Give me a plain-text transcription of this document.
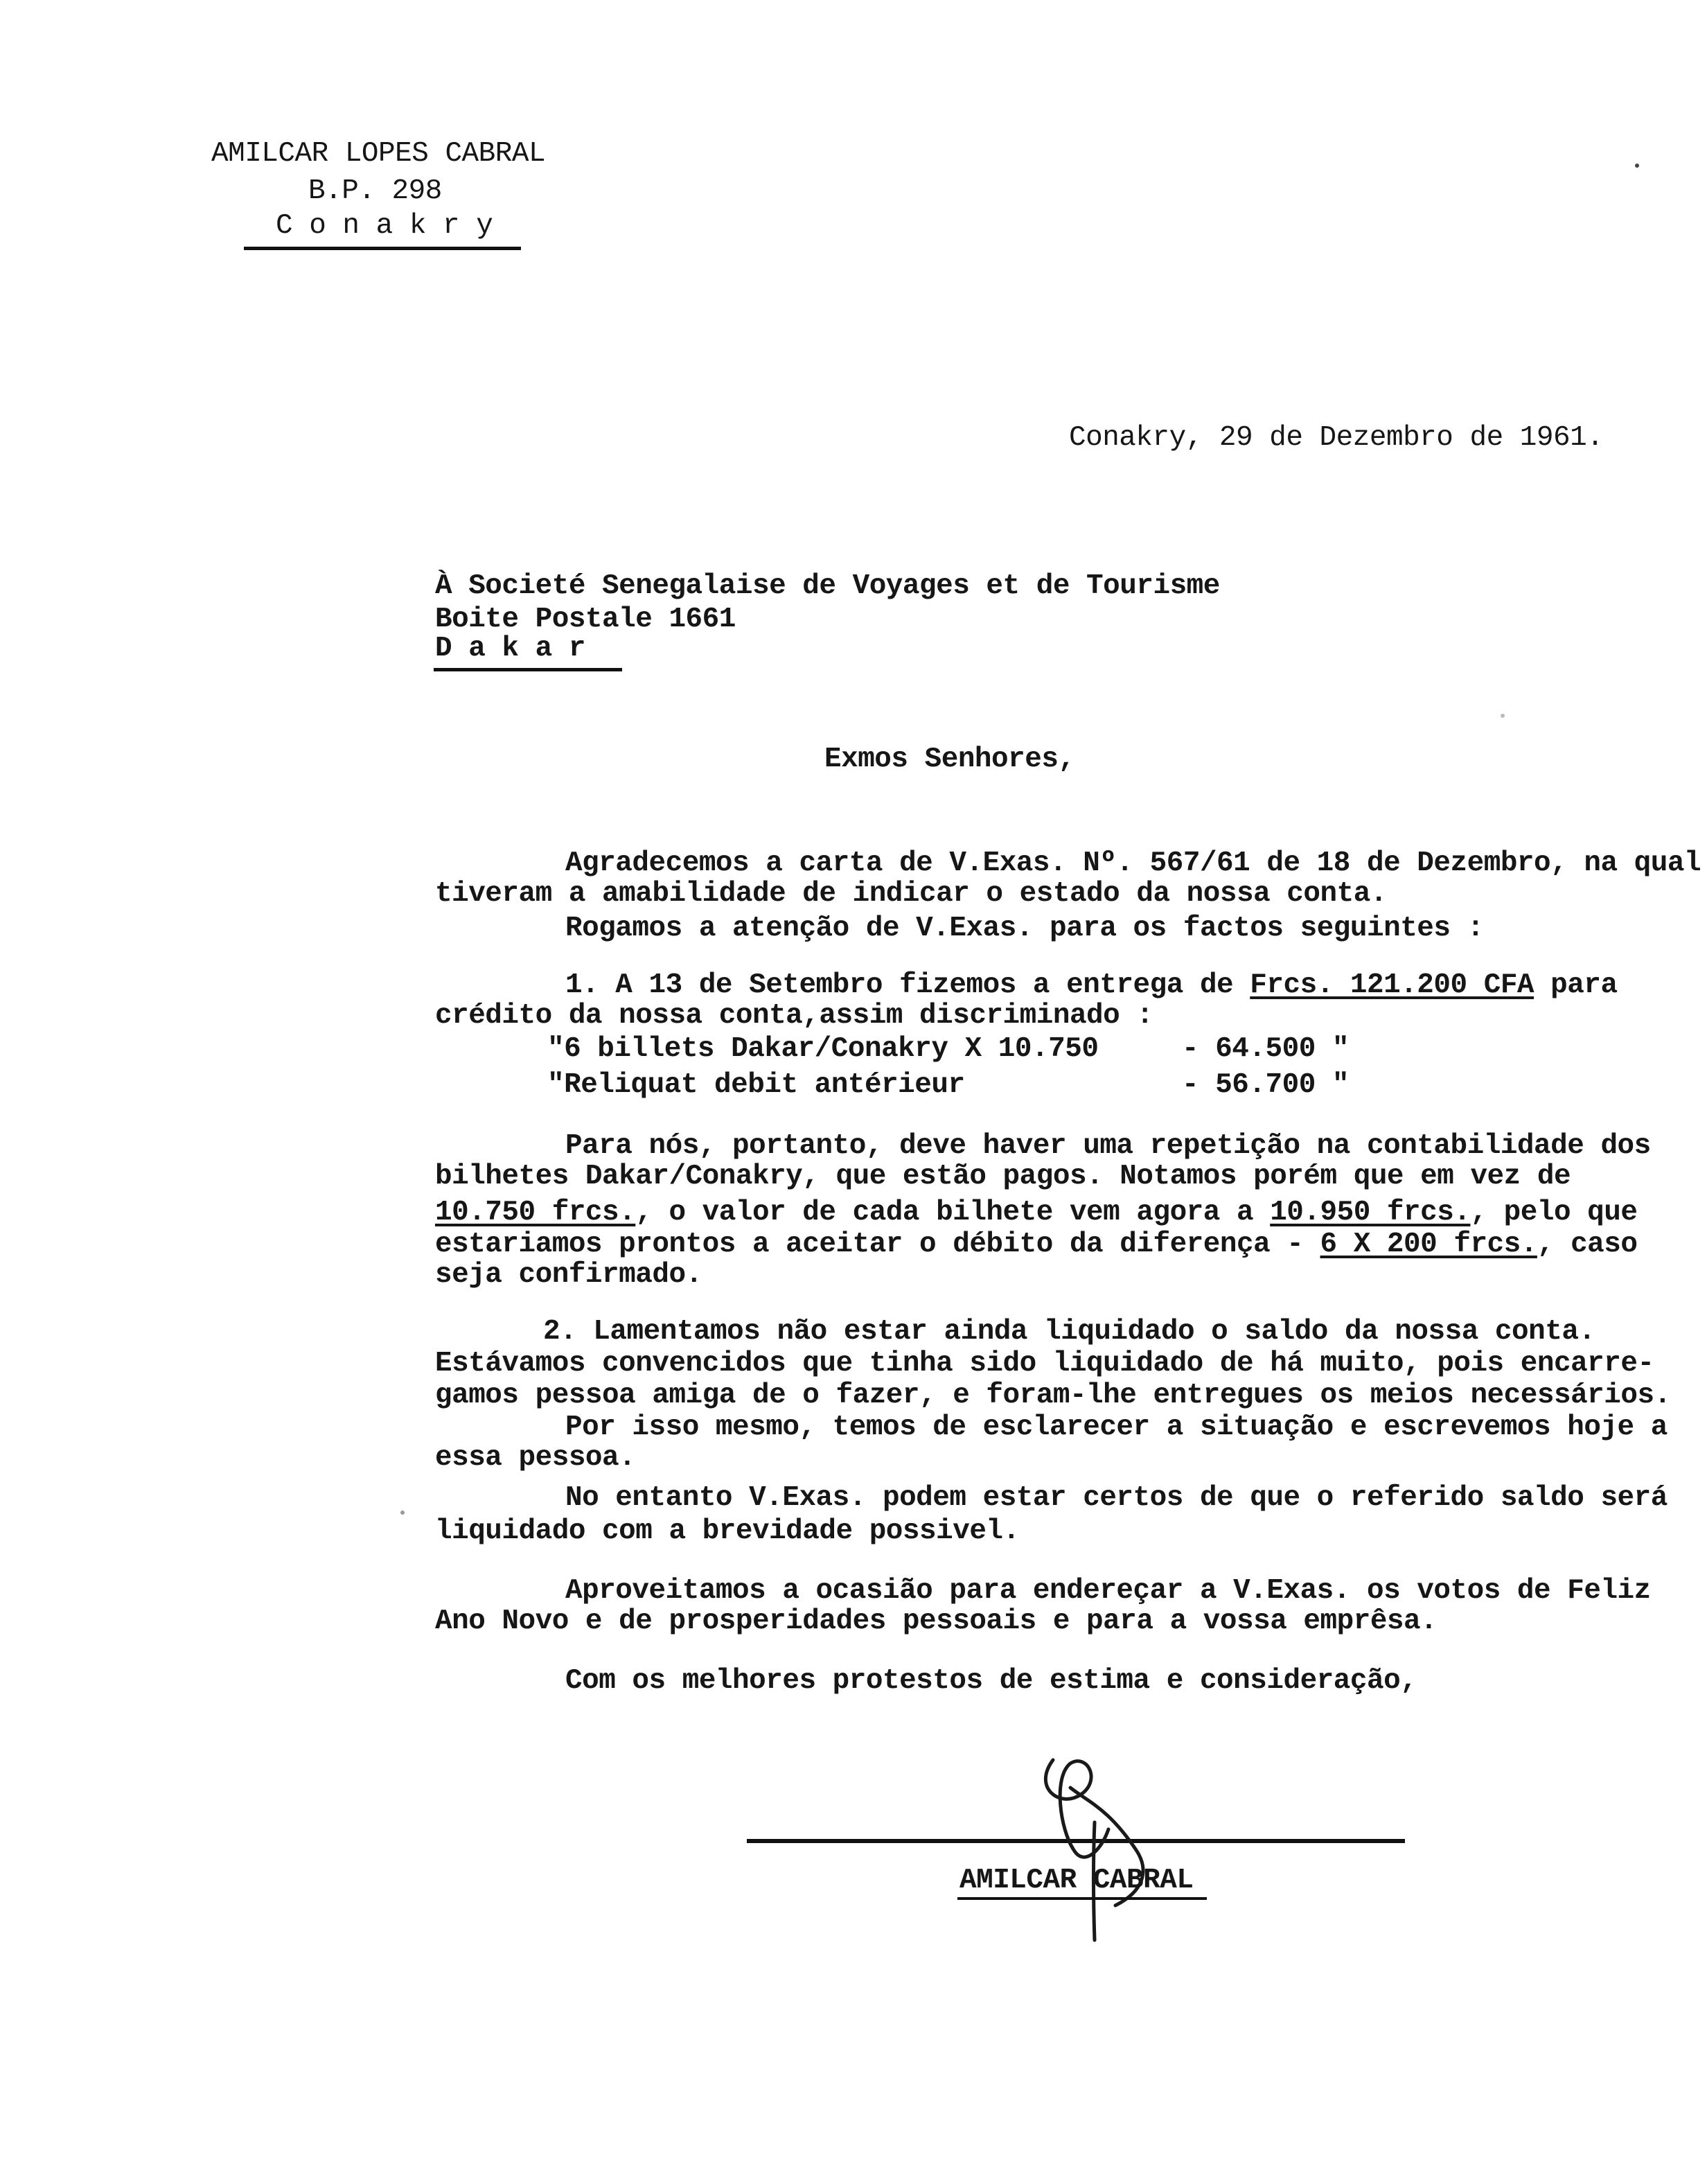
AMILCAR LOPES CABRAL
B.P. 298
C o n a k r y
Conakry, 29 de Dezembro de 1961.
À Societé Senegalaise de Voyages et de Tourisme
Boite Postale 1661
D a k a r
Exmos Senhores,
Agradecemos a carta de V.Exas. Nº. 567/61 de 18 de Dezembro, na qual
tiveram a amabilidade de indicar o estado da nossa conta.
Rogamos a atenção de V.Exas. para os factos seguintes :
1. A 13 de Setembro fizemos a entrega de Frcs. 121.200 CFA para
crédito da nossa conta,assim discriminado :
"6 billets Dakar/Conakry X 10.750	- 64.500 "
"Reliquat debit antérieur	- 56.700 "
Para nós, portanto, deve haver uma repetição na contabilidade dos
bilhetes Dakar/Conakry, que estão pagos. Notamos porém que em vez de
10.750 frcs., o valor de cada bilhete vem agora a 10.950 frcs., pelo que
estariamos prontos a aceitar o débito da diferença - 6 X 200 frcs., caso
seja confirmado.
2. Lamentamos não estar ainda liquidado o saldo da nossa conta.
Estávamos convencidos que tinha sido liquidado de há muito, pois encarre-
gamos pessoa amiga de o fazer, e foram-lhe entregues os meios necessários.
Por isso mesmo, temos de esclarecer a situação e escrevemos hoje a
essa pessoa.
No entanto V.Exas. podem estar certos de que o referido saldo será
liquidado com a brevidade possivel.
Aproveitamos a ocasião para endereçar a V.Exas. os votos de Feliz
Ano Novo e de prosperidades pessoais e para a vossa emprêsa.
Com os melhores protestos de estima e consideração,
AMILCAR CABRAL
